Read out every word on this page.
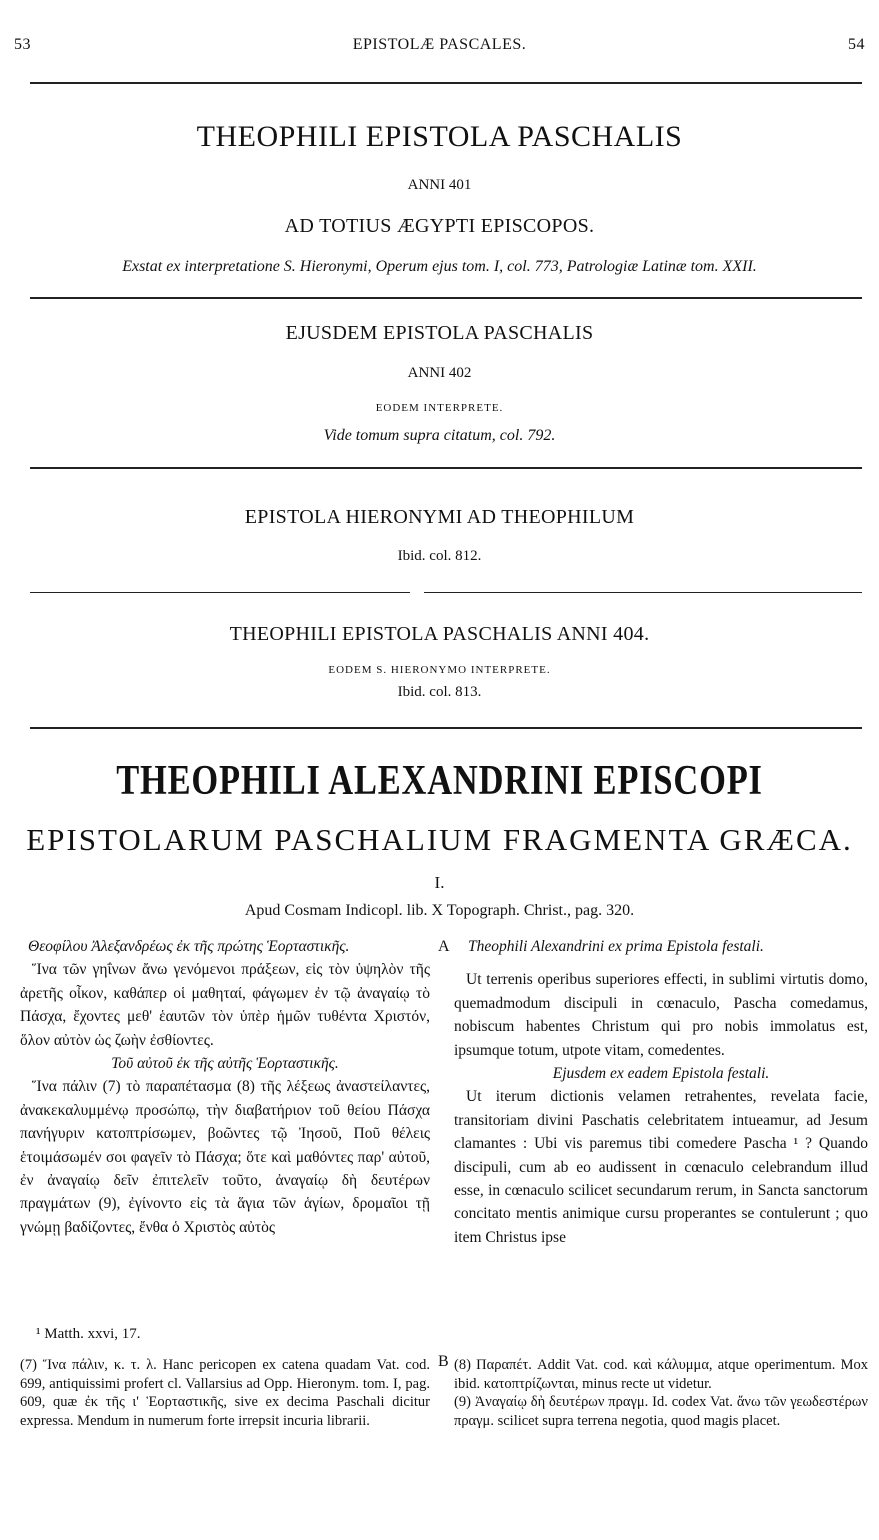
53	EPISTOLÆ PASCALES.	54
THEOPHILI EPISTOLA PASCHALIS
ANNI 401
AD TOTIUS ÆGYPTI EPISCOPOS.
Exstat ex interpretatione S. Hieronymi, Operum ejus tom. I, col. 773, Patrologiæ Latinæ tom. XXII.
EJUSDEM EPISTOLA PASCHALIS
ANNI 402
EODEM INTERPRETE.
Vide tomum supra citatum, col. 792.
EPISTOLA HIERONYMI AD THEOPHILUM
Ibid. col. 812.
THEOPHILI EPISTOLA PASCHALIS ANNI 404.
EODEM S. HIERONYMO INTERPRETE.
Ibid. col. 813.
THEOPHILI ALEXANDRINI EPISCOPI
EPISTOLARUM PASCHALIUM FRAGMENTA GRÆCA.
I.
Apud Cosmam Indicopl. lib. X Topograph. Christ., pag. 320.
A
B

Θεοφίλου Ἀλεξανδρέως ἐκ τῆς πρώτης Ἑορταστικῆς.

Ἵνα τῶν γηΐνων ἄνω γενόμενοι πράξεων, εἰς τὸν ὑψηλὸν τῆς ἀρετῆς οἶκον, καθάπερ οἱ μαθηταί, φάγωμεν ἐν τῷ ἀναγαίῳ τὸ Πάσχα, ἔχοντες μεθ' ἑαυτῶν τὸν ὑπὲρ ἡμῶν τυθέντα Χριστόν, ὅλον αὐτὸν ὡς ζωὴν ἐσθίοντες.

Τοῦ αὐτοῦ ἐκ τῆς αὐτῆς Ἑορταστικῆς.

Ἵνα πάλιν (7) τὸ παραπέτασμα (8) τῆς λέξεως ἀναστείλαντες, ἀνακεκαλυμμένῳ προσώπῳ, τὴν διαβατήριον τοῦ θείου Πάσχα πανήγυριν κατοπτρίσωμεν, βοῶντες τῷ Ἰησοῦ, Ποῦ θέλεις ἑτοιμάσωμέν σοι φαγεῖν τὸ Πάσχα; ὅτε καὶ μαθόντες παρ' αὐτοῦ, ἐν ἀναγαίῳ δεῖν ἐπιτελεῖν τοῦτο, ἀναγαίῳ δὴ δευτέρων πραγμάτων (9), ἐγίνοντο εἰς τὰ ἅγια τῶν ἁγίων, δρομαῖοι τῇ γνώμῃ βαδίζοντες, ἔνθα ὁ Χριστὸς αὐτὸς

Theophili Alexandrini ex prima Epistola festali.

Ut terrenis operibus superiores effecti, in sublimi virtutis domo, quemadmodum discipuli in cœnaculo, Pascha comedamus, nobiscum habentes Christum qui pro nobis immolatus est, ipsumque totum, utpote vitam, comedentes.

Ejusdem ex eadem Epistola festali.

Ut iterum dictionis velamen retrahentes, revelata facie, transitoriam divini Paschatis celebritatem intueamur, ad Jesum clamantes : Ubi vis paremus tibi comedere Pascha ¹ ? Quando discipuli, cum ab eo audissent in cœnaculo celebrandum illud esse, in cœnaculo scilicet secundarum rerum, in Sancta sanctorum concitato mentis animique cursu properantes se contulerunt ; quo item Christus ipse

¹ Matth. xxvi, 17.

(7) Ἵνα πάλιν, κ. τ. λ. Hanc pericopen ex catena quadam Vat. cod. 699, antiquissimi profert cl. Vallarsius ad Opp. Hieronym. tom. I, pag. 609, quæ ἐκ τῆς ι' Ἑορταστικῆς, sive ex decima Paschali dicitur expressa. Mendum in numerum forte irrepsit incuria librarii.

(8) Παραπέτ. Addit Vat. cod. καὶ κάλυμμα, atque operimentum. Mox ibid. κατοπτρίζωνται, minus recte ut videtur.

(9) Ἀναγαίῳ δὴ δευτέρων πραγμ. Id. codex Vat. ἄνω τῶν γεωδεστέρων πραγμ. scilicet supra terrena negotia, quod magis placet.
